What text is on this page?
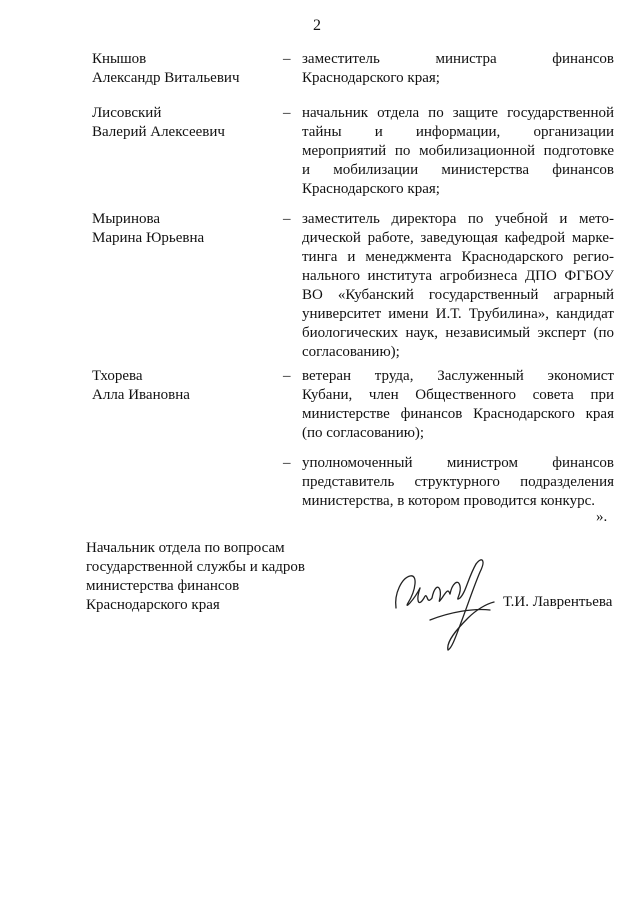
2
Кнышов
Александр Витальевич
– заместитель министра финансов
Краснодарского края;
Лисовский
Валерий Алексеевич
– начальник отдела по защите государственной
тайны и информации, организации
мероприятий по мобилизационной подготовке
и мобилизации министерства финансов
Краснодарского края;
Мыринова
Марина Юрьевна
– заместитель директора по учебной и мето-
дической работе, заведующая кафедрой марке-
тинга и менеджмента Краснодарского регио-
нального института агробизнеса ДПО ФГБОУ
ВО «Кубанский государственный аграрный
университет имени И.Т. Трубилина», кандидат
биологических наук, независимый эксперт (по
согласованию);
Тхорева
Алла Ивановна
– ветеран труда, Заслуженный экономист
Кубани, член Общественного совета при
министерстве финансов Краснодарского края
(по согласованию);
– уполномоченный министром финансов
представитель структурного подразделения
министерства, в котором проводится конкурс.
».
Начальник отдела по вопросам
государственной службы и кадров
министерства финансов
Краснодарского края	Т.И. Лаврентьева
